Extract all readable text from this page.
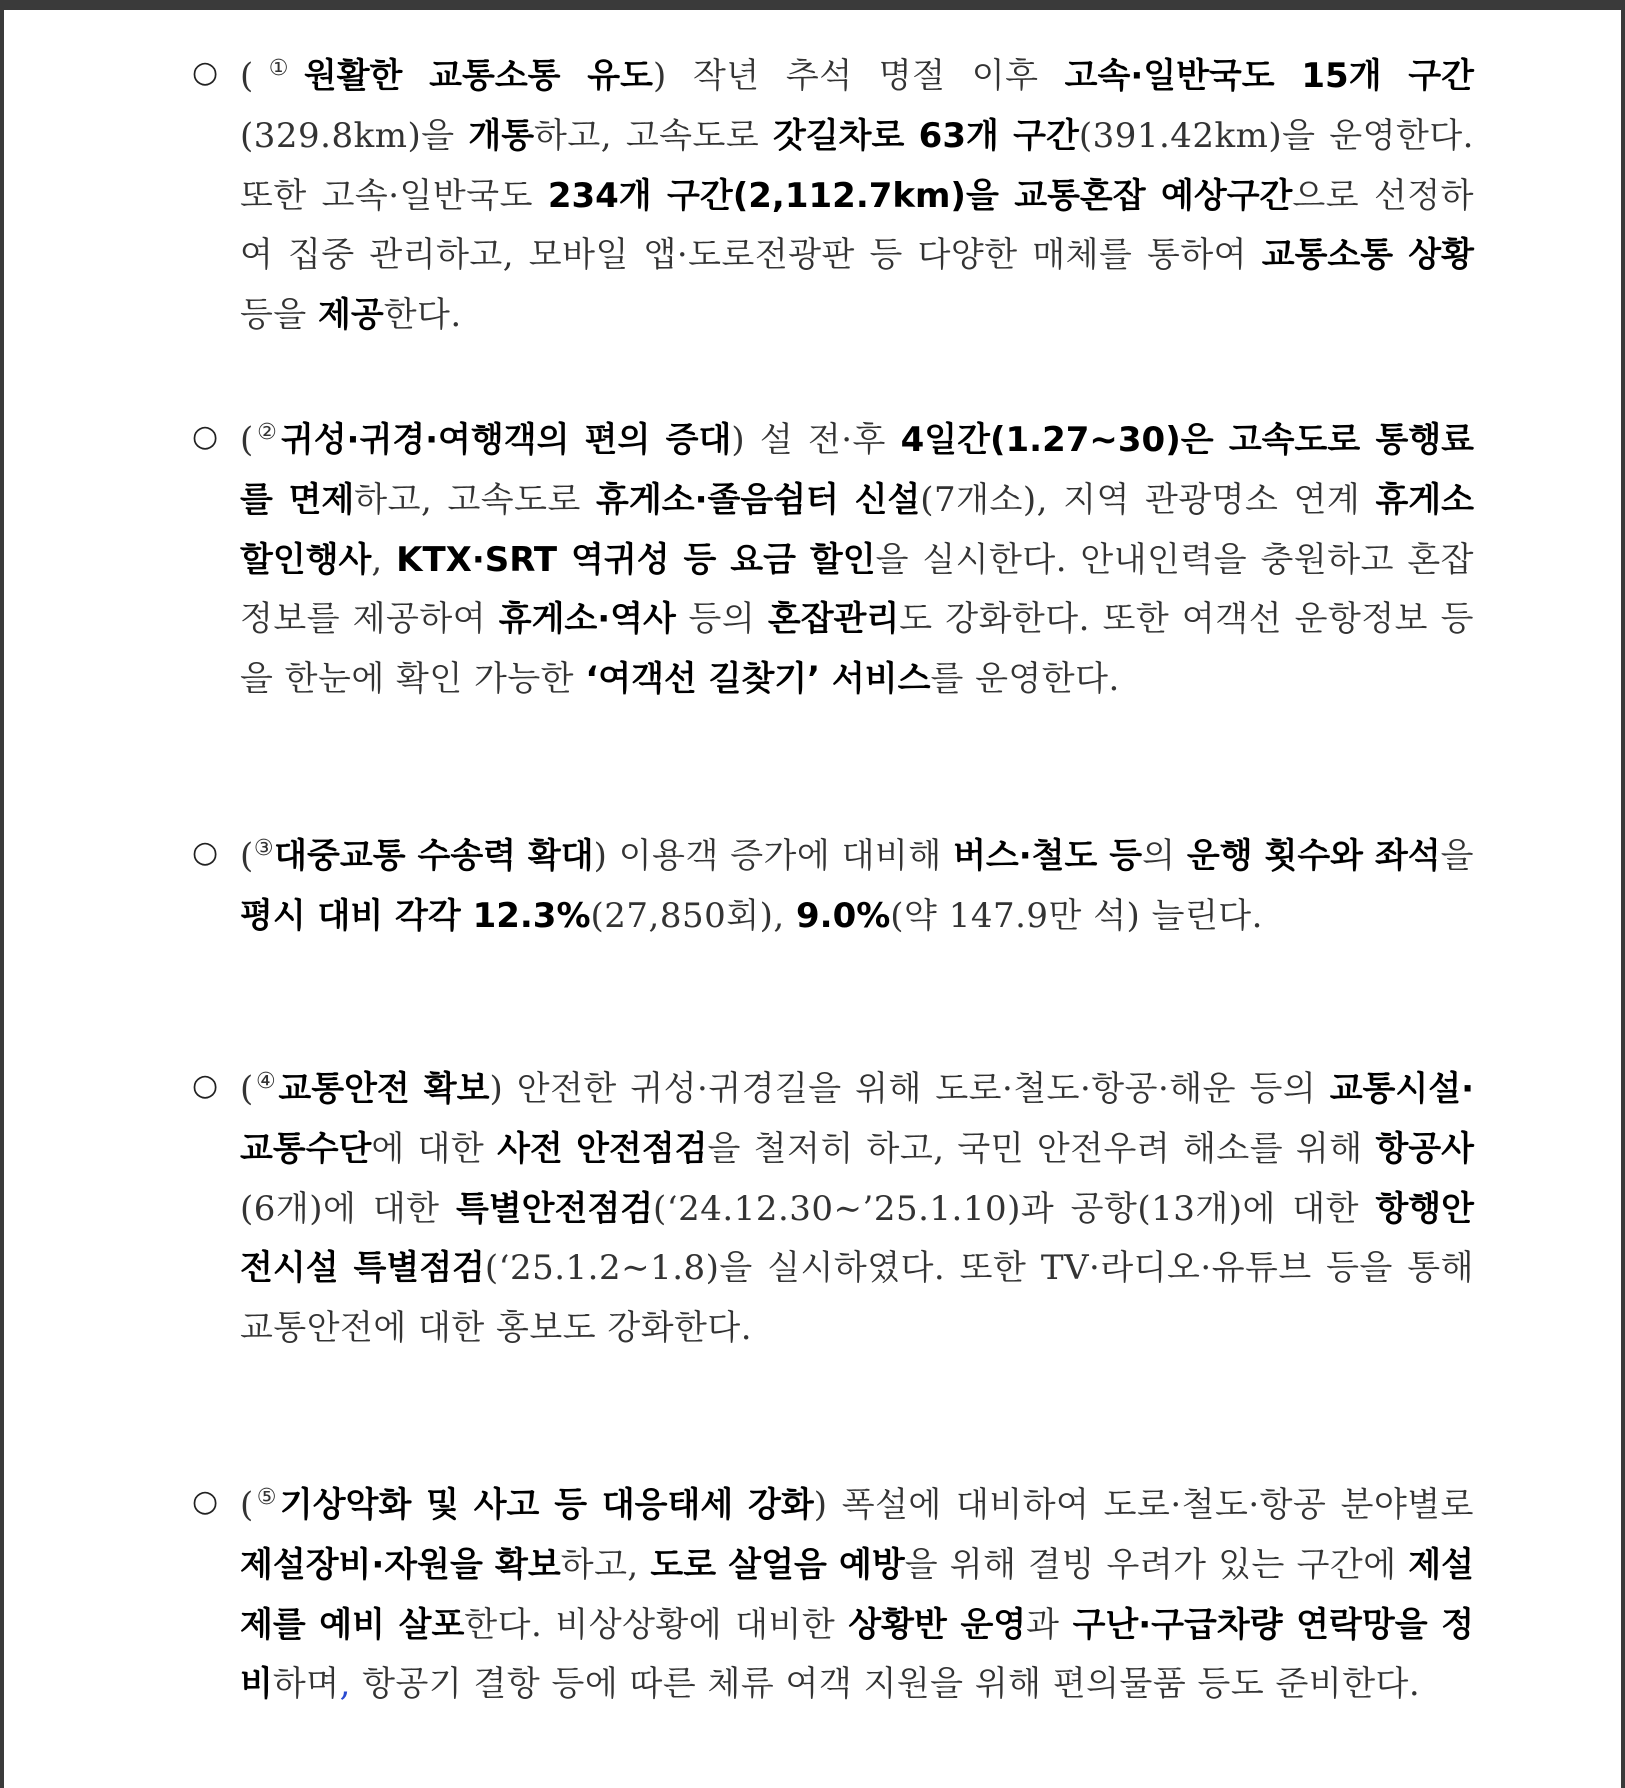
○ (①원활한 교통소통 유도) 작년 추석 명절 이후 고속·일반국도 15개 구간(329.8km)을 개통하고, 고속도로 갓길차로 63개 구간(391.42km)을 운영한다. 또한 고속·일반국도 234개 구간(2,112.7km)을 교통혼잡 예상구간으로 선정하여 집중 관리하고, 모바일 앱·도로전광판 등 다양한 매체를 통하여 교통소통 상황 등을 제공한다.
○ (②귀성·귀경·여행객의 편의 증대) 설 전·후 4일간(1.27∼30)은 고속도로 통행료를 면제하고, 고속도로 휴게소·졸음쉼터 신설(7개소), 지역 관광명소 연계 휴게소 할인행사, KTX·SRT 역귀성 등 요금 할인을 실시한다. 안내인력을 충원하고 혼잡정보를 제공하여 휴게소·역사 등의 혼잡관리도 강화한다. 또한 여객선 운항정보 등을 한눈에 확인 가능한 ‘여객선 길찾기’ 서비스를 운영한다.
○ (③대중교통 수송력 확대) 이용객 증가에 대비해 버스·철도 등의 운행 횟수와 좌석을 평시 대비 각각 12.3%(27,850회), 9.0%(약 147.9만 석) 늘린다.
○ (④교통안전 확보) 안전한 귀성·귀경길을 위해 도로·철도·항공·해운 등의 교통시설·교통수단에 대한 사전 안전점검을 철저히 하고, 국민 안전우려 해소를 위해 항공사(6개)에 대한 특별안전점검(‘24.12.30∼’25.1.10)과 공항(13개)에 대한 항행안전시설 특별점검(‘25.1.2∼1.8)을 실시하였다. 또한 TV·라디오·유튜브 등을 통해 교통안전에 대한 홍보도 강화한다.
○ (⑤기상악화 및 사고 등 대응태세 강화) 폭설에 대비하여 도로·철도·항공 분야별로 제설장비·자원을 확보하고, 도로 살얼음 예방을 위해 결빙 우려가 있는 구간에 제설제를 예비 살포한다. 비상상황에 대비한 상황반 운영과 구난·구급차량 연락망을 정비하며, 항공기 결항 등에 따른 체류 여객 지원을 위해 편의물품 등도 준비한다.
